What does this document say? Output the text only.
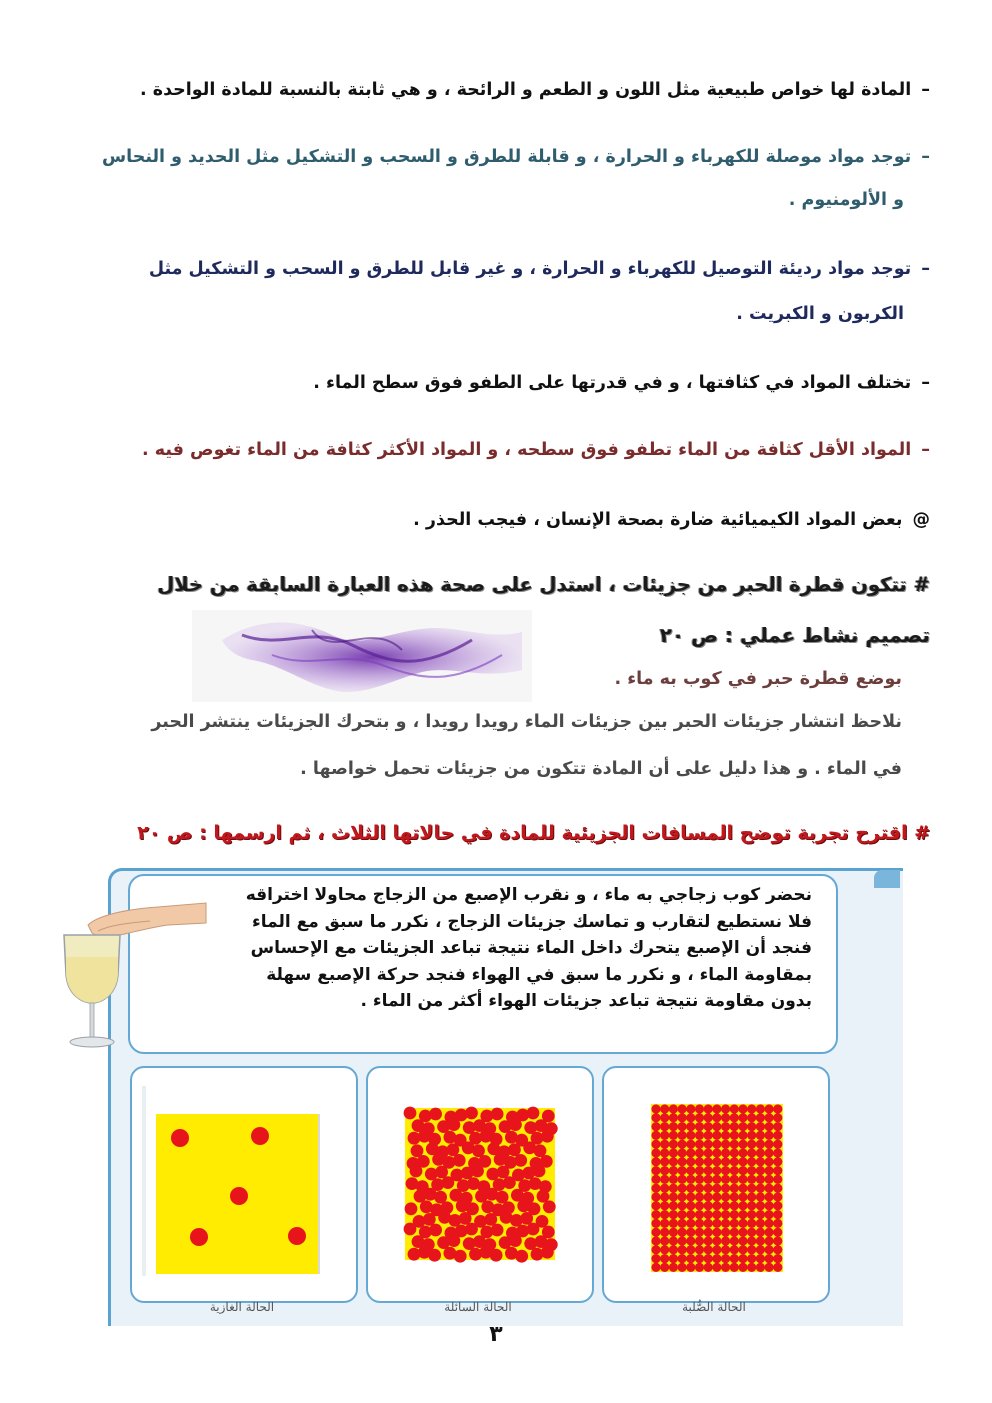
–المادة لها خواص طبيعية مثل اللون و الطعم و الرائحة ، و هي ثابتة بالنسبة للمادة الواحدة .
–توجد مواد موصلة للكهرباء و الحرارة ، و قابلة للطرق و السحب و التشكيل مثل الحديد و النحاس
و الألومنيوم .
–توجد مواد رديئة التوصيل للكهرباء و الحرارة ، و غير قابل للطرق و السحب و التشكيل مثل
الكربون و الكبريت .
–تختلف المواد في كثافتها ، و في قدرتها على الطفو فوق سطح الماء .
–المواد الأقل كثافة من الماء تطفو فوق سطحه ، و المواد الأكثر كثافة من الماء تغوص فيه .
@بعض المواد الكيميائية ضارة بصحة الإنسان ، فيجب الحذر .
# تتكون قطرة الحبر من جزيئات ، استدل على صحة هذه العبارة السابقة من خلال
تصميم نشاط عملي : ص ٢٠
بوضع قطرة حبر في كوب به ماء .
نلاحظ انتشار جزيئات الحبر بين جزيئات الماء رويدا رويدا ، و بتحرك الجزيئات ينتشر الحبر
في الماء . و هذا دليل على أن المادة تتكون من جزيئات تحمل خواصها .
# اقترح تجربة توضح المسافات الجزيئية للمادة في حالاتها الثلاث ، ثم ارسمها : ص ٢٠

نحضر كوب زجاجي به ماء ، و نقرب الإصبع من الزجاج محاولا اختراقه
فلا نستطيع لتقارب و تماسك جزيئات الزجاج ، نكرر ما سبق مع الماء
فنجد أن الإصبع يتحرك داخل الماء نتيجة تباعد الجزيئات مع الإحساس
بمقاومة الماء ، و نكرر ما سبق في الهواء فنجد حركة الإصبع سهلة
بدون مقاومة نتيجة تباعد جزيئات الهواء أكثر من الماء .

الحالة الغازية	الحالة السائلة	الحالة الصُّلبة
٣
